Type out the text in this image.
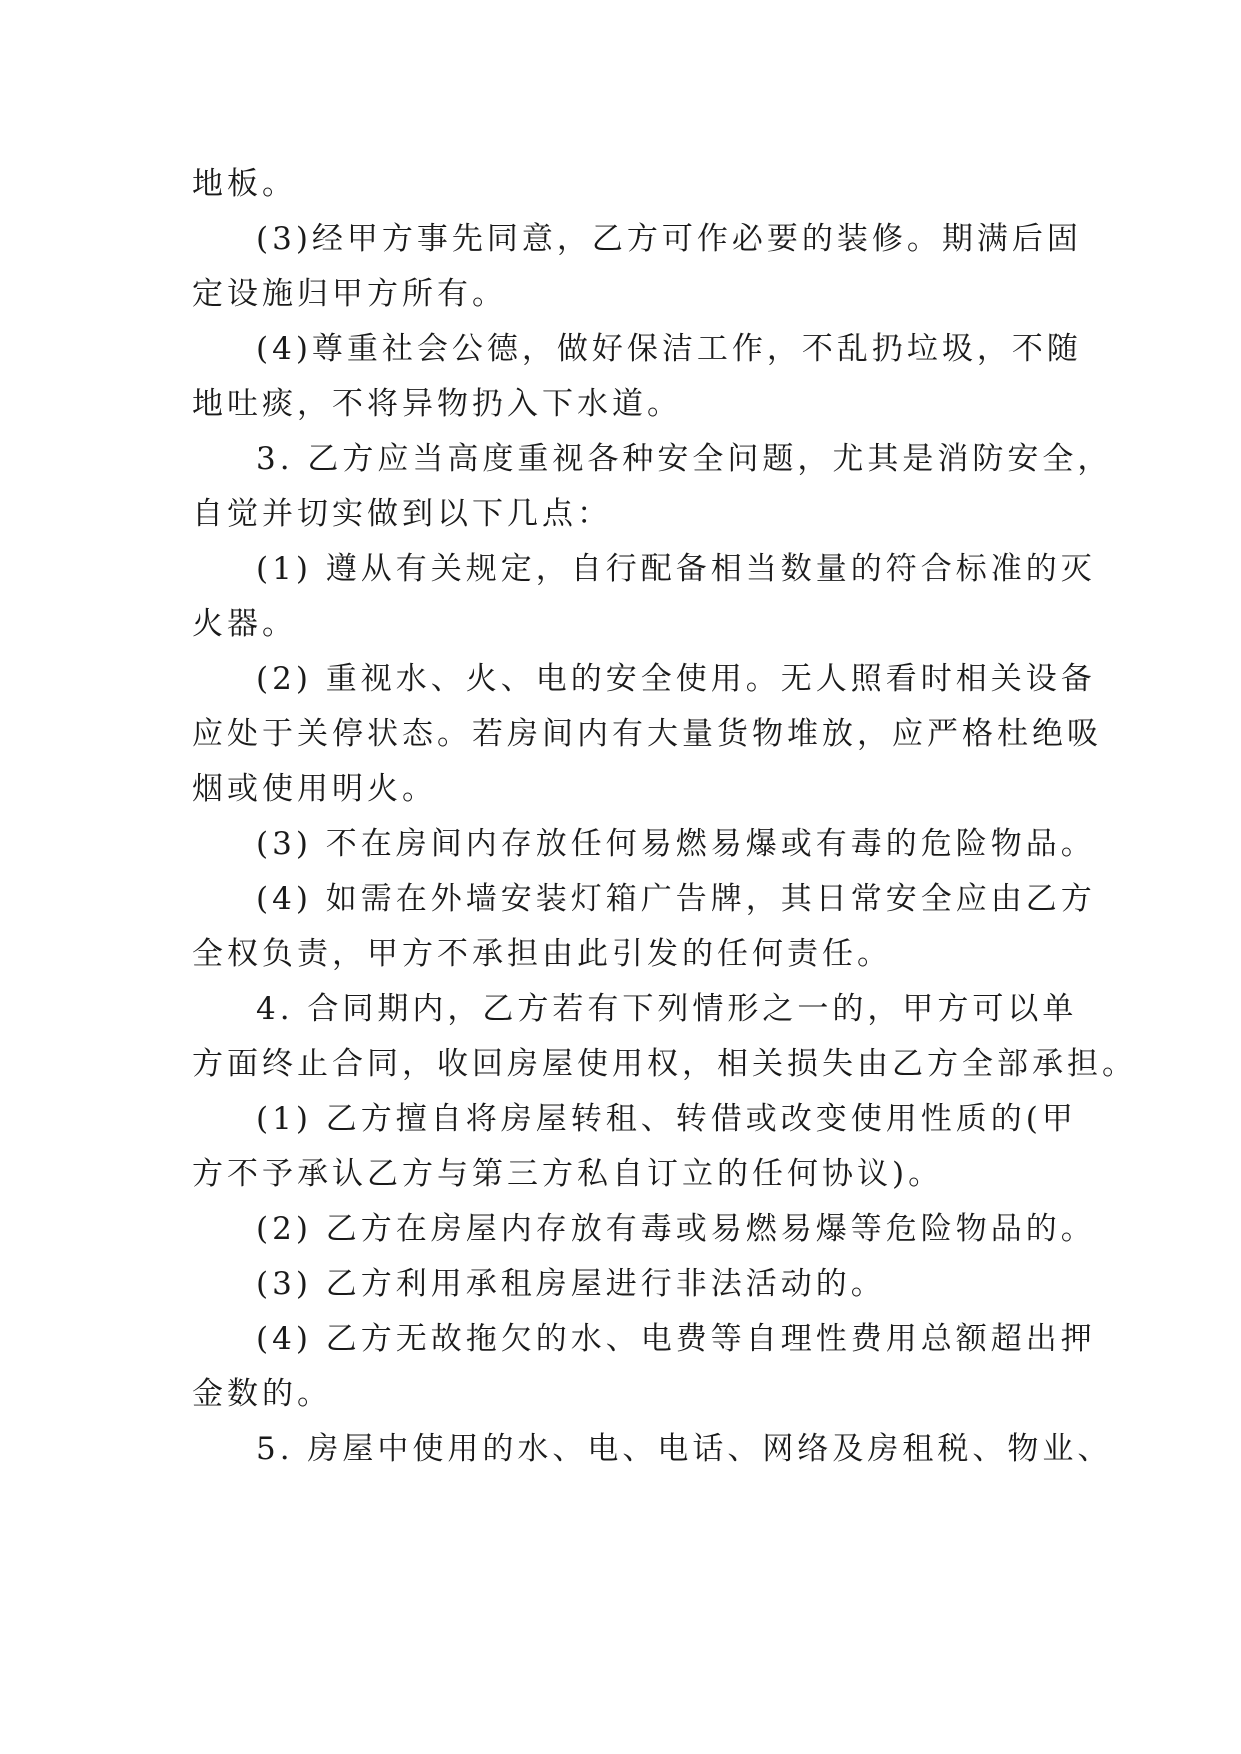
地板。
(3)经甲方事先同意，乙方可作必要的装修。期满后固
定设施归甲方所有。
(4)尊重社会公德，做好保洁工作，不乱扔垃圾，不随
地吐痰，不将异物扔入下水道。
3. 乙方应当高度重视各种安全问题，尤其是消防安全，
自觉并切实做到以下几点：
(1) 遵从有关规定，自行配备相当数量的符合标准的灭
火器。
(2) 重视水、火、电的安全使用。无人照看时相关设备
应处于关停状态。若房间内有大量货物堆放，应严格杜绝吸
烟或使用明火。
(3) 不在房间内存放任何易燃易爆或有毒的危险物品。
(4) 如需在外墙安装灯箱广告牌，其日常安全应由乙方
全权负责，甲方不承担由此引发的任何责任。
4. 合同期内，乙方若有下列情形之一的，甲方可以单
方面终止合同，收回房屋使用权，相关损失由乙方全部承担。
(1) 乙方擅自将房屋转租、转借或改变使用性质的(甲
方不予承认乙方与第三方私自订立的任何协议)。
(2) 乙方在房屋内存放有毒或易燃易爆等危险物品的。
(3) 乙方利用承租房屋进行非法活动的。
(4) 乙方无故拖欠的水、电费等自理性费用总额超出押
金数的。
5. 房屋中使用的水、电、电话、网络及房租税、物业、
